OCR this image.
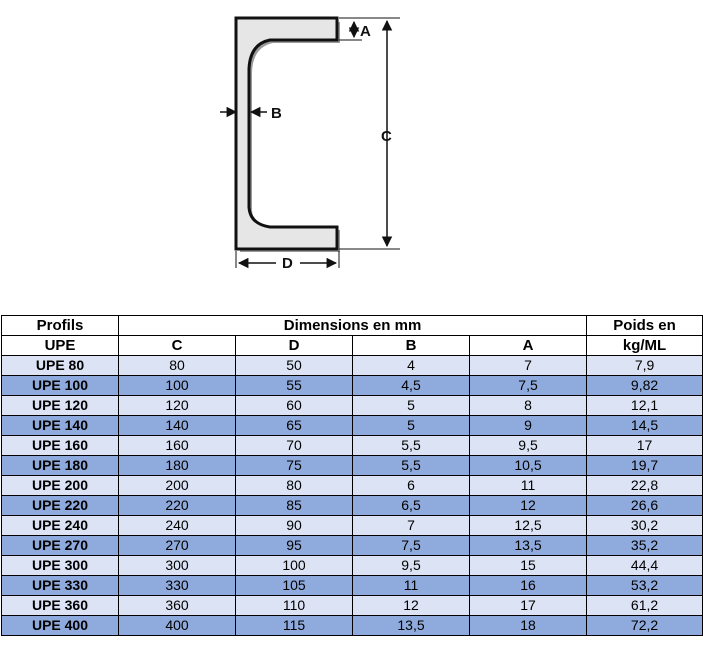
A
C
B
D
Profils	Dimensions en mm				Poids en
UPE	C	D	B	A	kg/ML
UPE 80	80	50	4	7	7,9
UPE 100	100	55	4,5	7,5	9,82
UPE 120	120	60	5	8	12,1
UPE 140	140	65	5	9	14,5
UPE 160	160	70	5,5	9,5	17
UPE 180	180	75	5,5	10,5	19,7
UPE 200	200	80	6	11	22,8
UPE 220	220	85	6,5	12	26,6
UPE 240	240	90	7	12,5	30,2
UPE 270	270	95	7,5	13,5	35,2
UPE 300	300	100	9,5	15	44,4
UPE 330	330	105	11	16	53,2
UPE 360	360	110	12	17	61,2
UPE 400	400	115	13,5	18	72,2
